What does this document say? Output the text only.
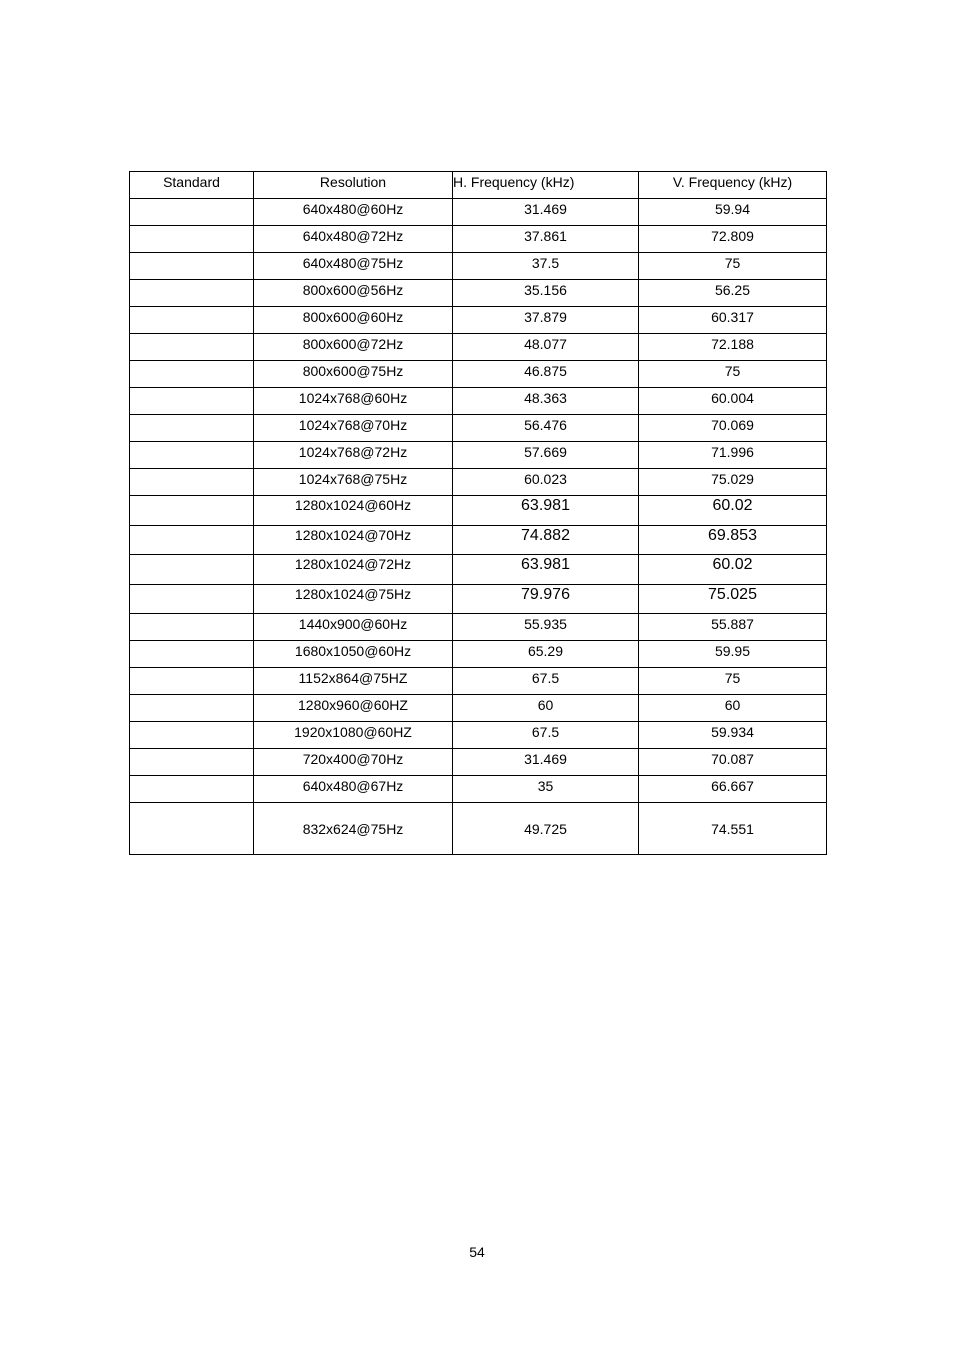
Standard	Resolution	H. Frequency (kHz)	V. Frequency (kHz)
	640x480@60Hz	31.469	59.94
	640x480@72Hz	37.861	72.809
	640x480@75Hz	37.5	75
	800x600@56Hz	35.156	56.25
	800x600@60Hz	37.879	60.317
	800x600@72Hz	48.077	72.188
	800x600@75Hz	46.875	75
	1024x768@60Hz	48.363	60.004
	1024x768@70Hz	56.476	70.069
	1024x768@72Hz	57.669	71.996
	1024x768@75Hz	60.023	75.029
	1280x1024@60Hz	63.981	60.02
	1280x1024@70Hz	74.882	69.853
	1280x1024@72Hz	63.981	60.02
	1280x1024@75Hz	79.976	75.025
	1440x900@60Hz	55.935	55.887
	1680x1050@60Hz	65.29	59.95
	1152x864@75HZ	67.5	75
	1280x960@60HZ	60	60
	1920x1080@60HZ	67.5	59.934
	720x400@70Hz	31.469	70.087
	640x480@67Hz	35	66.667
	832x624@75Hz	49.725	74.551
54
